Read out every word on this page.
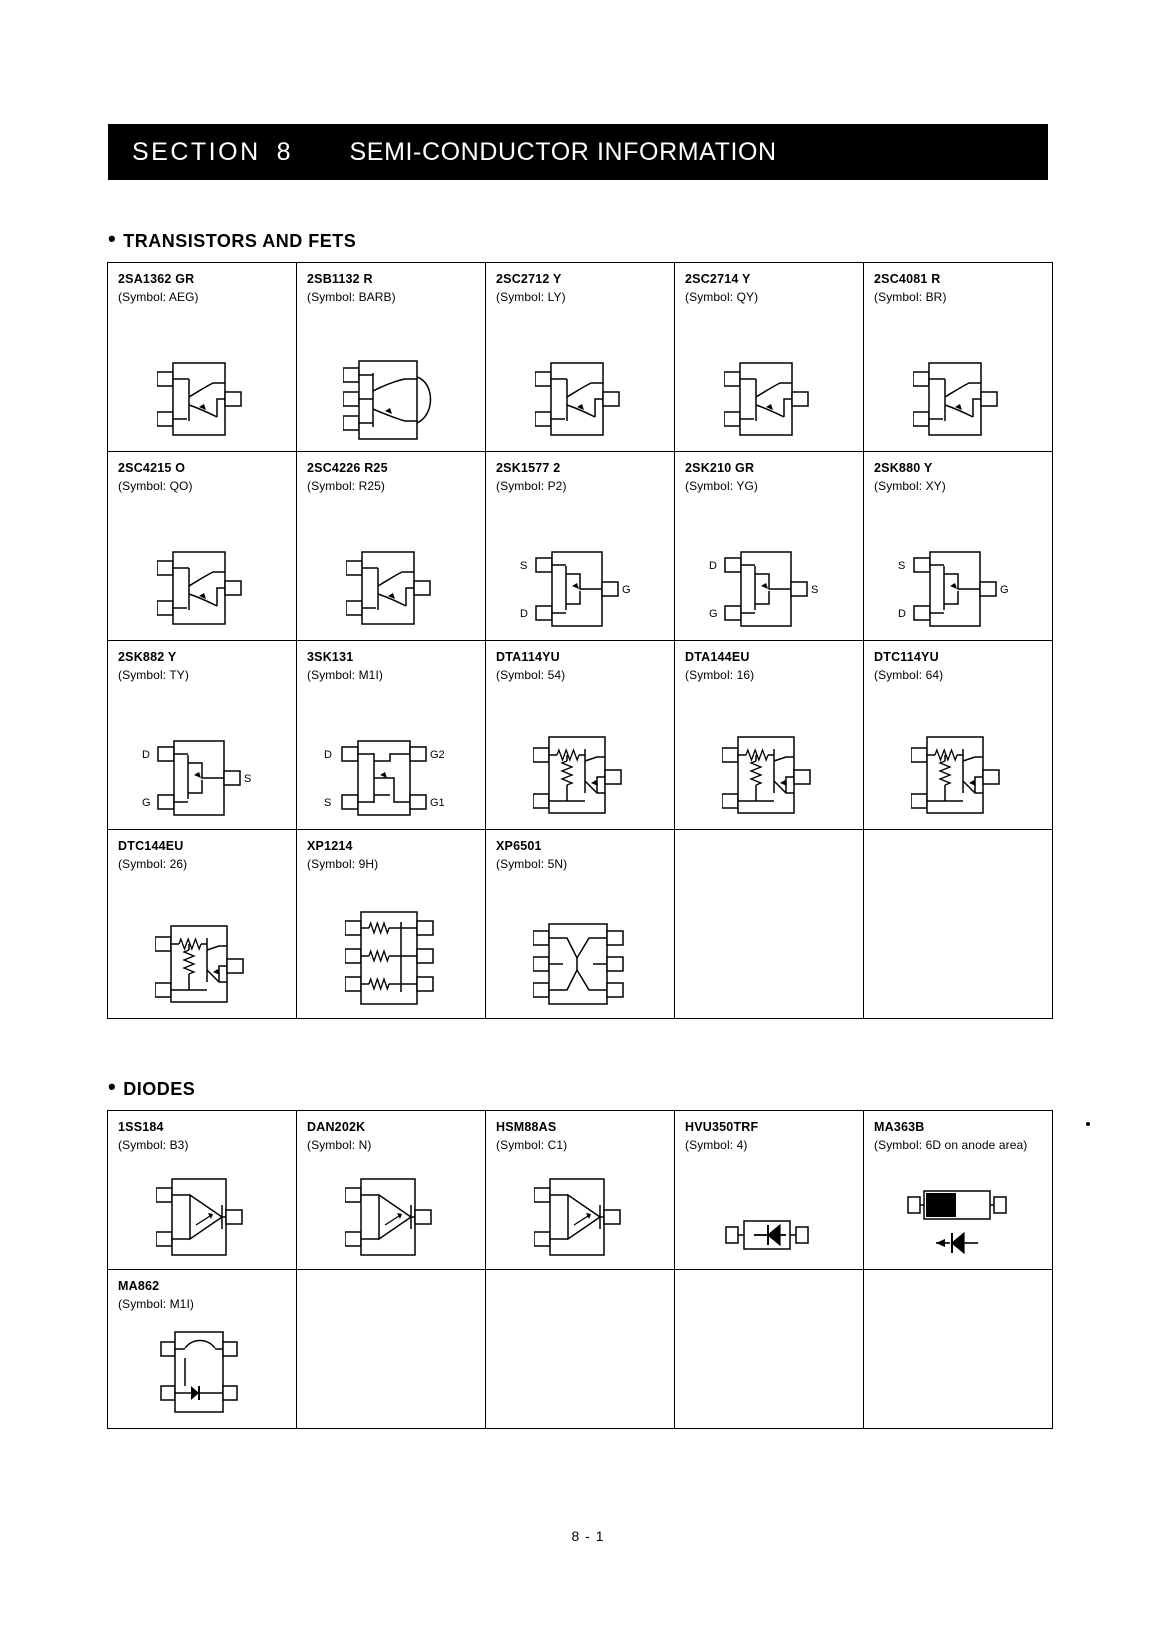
SECTION 8 SEMI-CONDUCTOR INFORMATION
• TRANSISTORS AND FETS
2SA1362 GR
(Symbol: AEG)

2SB1132 R
(Symbol: BARB)

2SC2712 Y
(Symbol: LY)

2SC2714 Y
(Symbol: QY)

2SC4081 R
(Symbol: BR)

2SC4215 O
(Symbol: QO)

2SC4226 R25
(Symbol: R25)

2SK1577 2
(Symbol: P2)
S
D
G

2SK210 GR
(Symbol: YG)
D
G
S

2SK880 Y
(Symbol: XY)
S
D
G

2SK882 Y
(Symbol: TY)
D
G
S

3SK131
(Symbol: M1I)
D
S
G2
G1

DTA114YU
(Symbol: 54)

DTA144EU
(Symbol: 16)

DTC114YU
(Symbol: 64)

DTC144EU
(Symbol: 26)

XP1214
(Symbol: 9H)

XP6501
(Symbol: 5N)

• DIODES
1SS184
(Symbol: B3)

DAN202K
(Symbol: N)

HSM88AS
(Symbol: C1)

HVU350TRF
(Symbol: 4)

MA363B
(Symbol: 6D on anode area)

MA862
(Symbol: M1I)				

8 - 1
